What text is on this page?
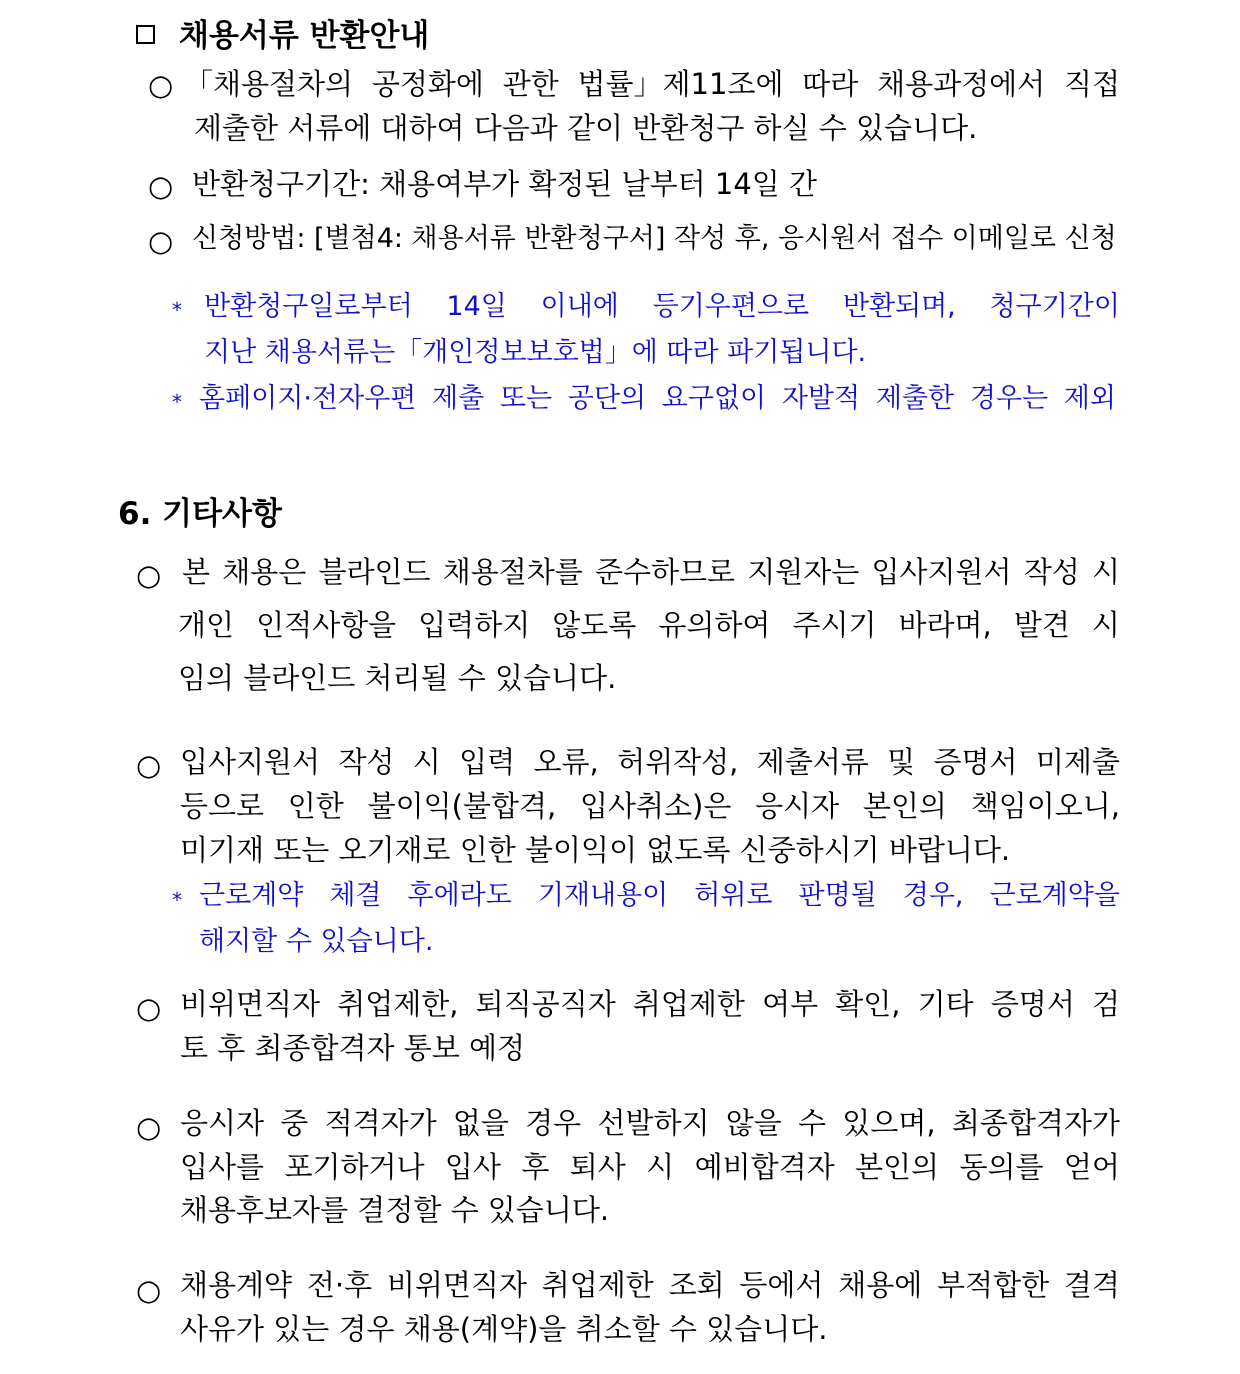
채용서류 반환안내
○ 「채용절차의 공정화에 관한 법률」제11조에 따라 채용과정에서 직접
제출한 서류에 대하여 다음과 같이 반환청구 하실 수 있습니다.
○ 반환청구기간: 채용여부가 확정된 날부터 14일 간
○ 신청방법: [별첨4: 채용서류 반환청구서] 작성 후, 응시원서 접수 이메일로 신청
* 반환청구일로부터 14일 이내에 등기우편으로 반환되며, 청구기간이
지난 채용서류는「개인정보보호법」에 따라 파기됩니다.
* 홈페이지·전자우편 제출 또는 공단의 요구없이 자발적 제출한 경우는 제외
6. 기타사항
○ 본 채용은 블라인드 채용절차를 준수하므로 지원자는 입사지원서 작성 시
개인 인적사항을 입력하지 않도록 유의하여 주시기 바라며, 발견 시
임의 블라인드 처리될 수 있습니다.
○ 입사지원서 작성 시 입력 오류, 허위작성, 제출서류 및 증명서 미제출
등으로 인한 불이익(불합격, 입사취소)은 응시자 본인의 책임이오니,
미기재 또는 오기재로 인한 불이익이 없도록 신중하시기 바랍니다.
* 근로계약 체결 후에라도 기재내용이 허위로 판명될 경우, 근로계약을
해지할 수 있습니다.
○ 비위면직자 취업제한, 퇴직공직자 취업제한 여부 확인, 기타 증명서 검
토 후 최종합격자 통보 예정
○ 응시자 중 적격자가 없을 경우 선발하지 않을 수 있으며, 최종합격자가
입사를 포기하거나 입사 후 퇴사 시 예비합격자 본인의 동의를 얻어
채용후보자를 결정할 수 있습니다.
○ 채용계약 전·후 비위면직자 취업제한 조회 등에서 채용에 부적합한 결격
사유가 있는 경우 채용(계약)을 취소할 수 있습니다.
